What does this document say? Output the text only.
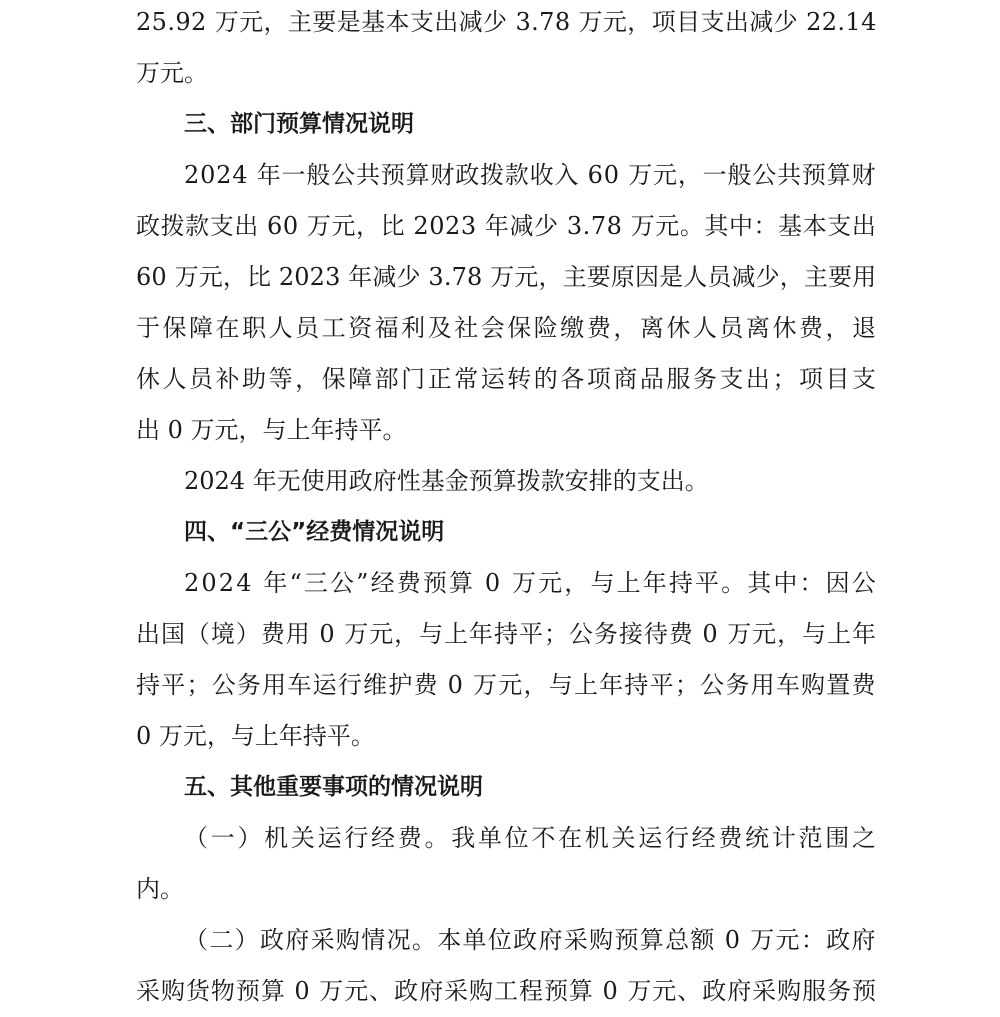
25.92 万元，主要是基本支出减少 3.78 万元，项目支出减少 22.14
万元。
三、部门预算情况说明
2024 年一般公共预算财政拨款收入 60 万元，一般公共预算财
政拨款支出 60 万元，比 2023 年减少 3.78 万元。其中：基本支出
60 万元，比 2023 年减少 3.78 万元，主要原因是人员减少，主要用
于保障在职人员工资福利及社会保险缴费，离休人员离休费，退
休人员补助等，保障部门正常运转的各项商品服务支出；项目支
出 0 万元，与上年持平。
2024 年无使用政府性基金预算拨款安排的支出。
四、“三公”经费情况说明
2024 年“三公”经费预算 0 万元，与上年持平。其中：因公
出国（境）费用 0 万元，与上年持平；公务接待费 0 万元，与上年
持平；公务用车运行维护费 0 万元，与上年持平；公务用车购置费
0 万元，与上年持平。
五、其他重要事项的情况说明
（一）机关运行经费。我单位不在机关运行经费统计范围之
内。
（二）政府采购情况。本单位政府采购预算总额 0 万元：政府
采购货物预算 0 万元、政府采购工程预算 0 万元、政府采购服务预
